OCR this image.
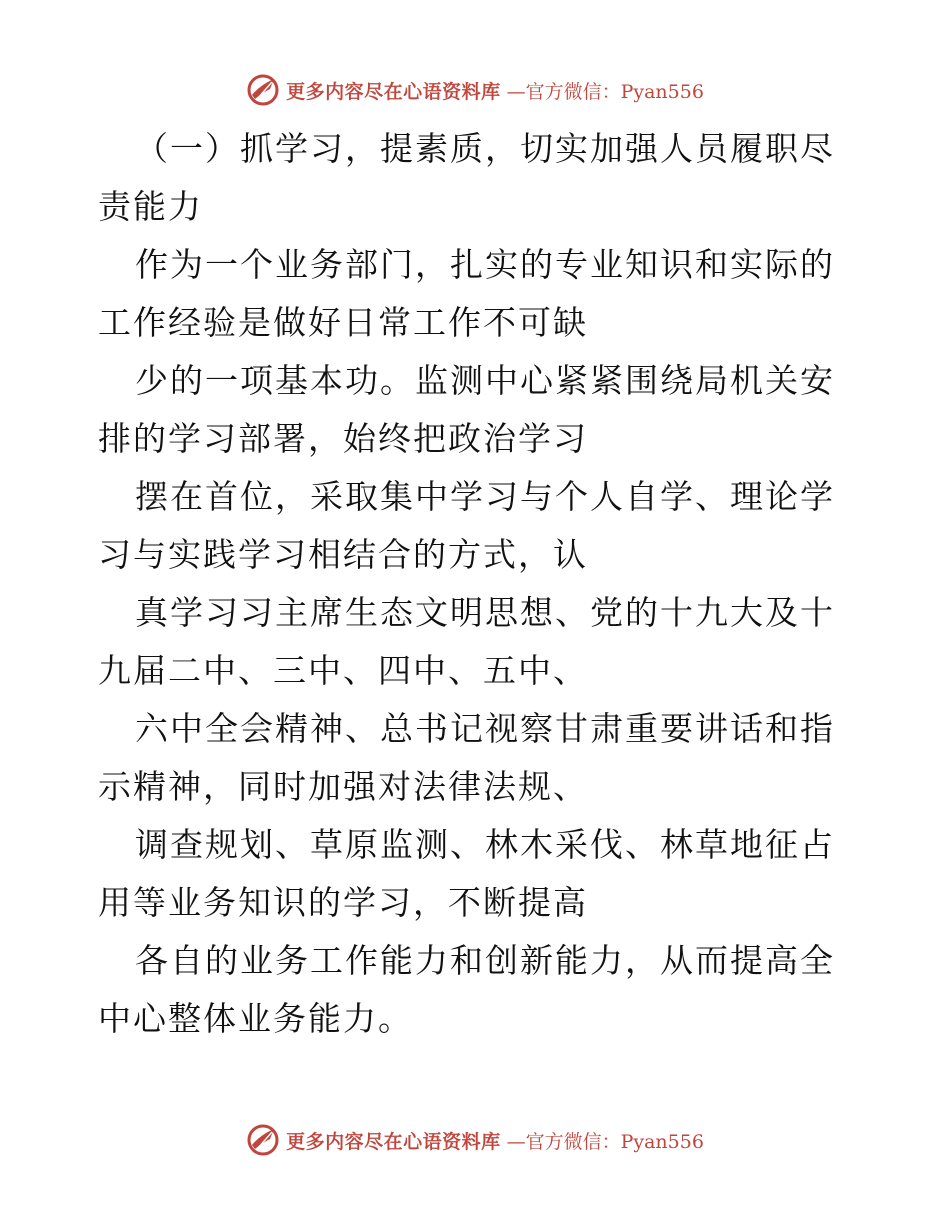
更多内容尽在心语资料库 —官方微信：Pyan556

（一）抓学习，提素质，切实加强人员履职尽责能力

作为一个业务部门，扎实的专业知识和实际的工作经验是做好日常工作不可缺

少的一项基本功。监测中心紧紧围绕局机关安排的学习部署，始终把政治学习

摆在首位，采取集中学习与个人自学、理论学习与实践学习相结合的方式，认

真学习习主席生态文明思想、党的十九大及十九届二中、三中、四中、五中、

六中全会精神、总书记视察甘肃重要讲话和指示精神，同时加强对法律法规、

调查规划、草原监测、林木采伐、林草地征占用等业务知识的学习，不断提高

各自的业务工作能力和创新能力，从而提高全中心整体业务能力。

更多内容尽在心语资料库 —官方微信：Pyan556
